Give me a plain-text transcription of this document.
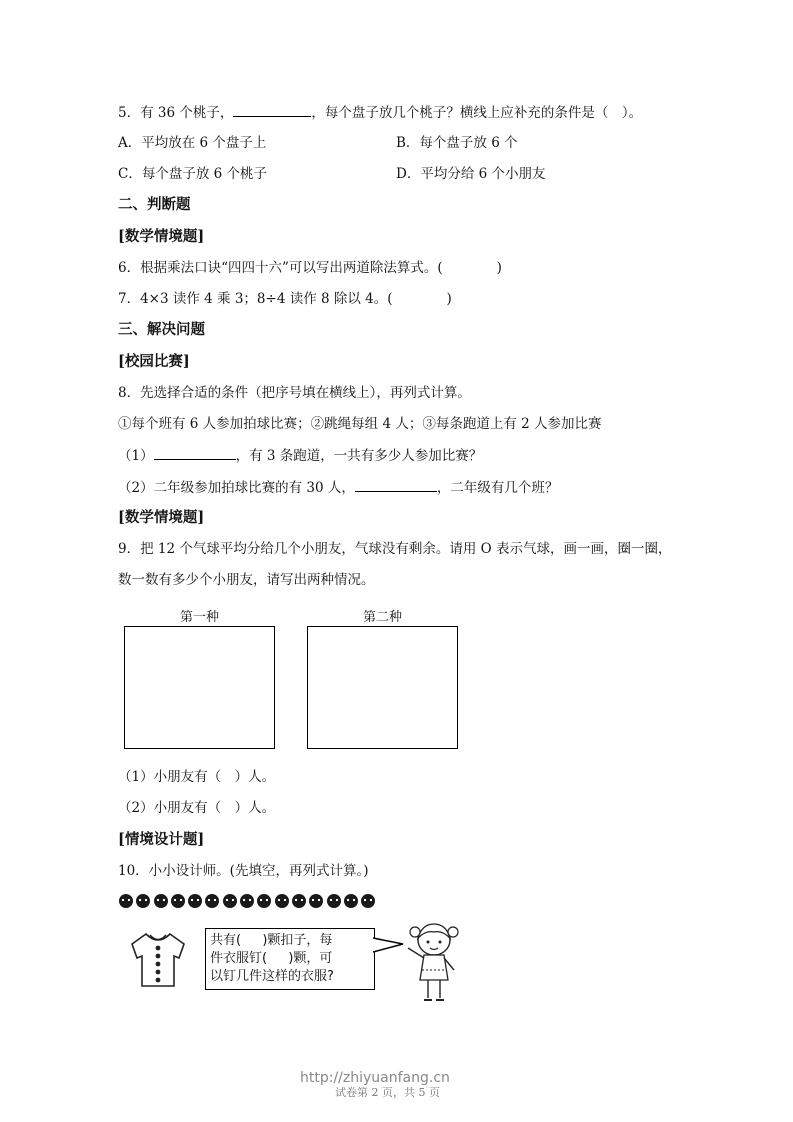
5．有 36 个桃子，	，每个盘子放几个桃子？横线上应补充的条件是（　）。
A．平均放在 6 个盘子上	B．每个盘子放 6 个
C．每个盘子放 6 个桃子	D．平均分给 6 个小朋友
二、判断题
[数学情境题]
6．根据乘法口诀“四四十六”可以写出两道除法算式。(　　　　)
7．4×3 读作 4 乘 3；8÷4 读作 8 除以 4。(　　　　)
三、解决问题
[校园比赛]
8．先选择合适的条件（把序号填在横线上），再列式计算。
①每个班有 6 人参加拍球比赛；②跳绳每组 4 人；③每条跑道上有 2 人参加比赛
（1）	，有 3 条跑道，一共有多少人参加比赛？
（2）二年级参加拍球比赛的有 30 人，	，二年级有几个班？
[数学情境题]
9．把 12 个气球平均分给几个小朋友，气球没有剩余。请用 O 表示气球，画一画，圈一圈，
数一数有多少个小朋友，请写出两种情况。
第一种	第二种
（1）小朋友有（　）人。
（2）小朋友有（　）人。
[情境设计题]
10．小小设计师。(先填空，再列式计算。)
共有(　  )颗扣子，每
件衣服钉(　  )颗，可
以钉几件这样的衣服?
http://zhiyuanfang.cn
试卷第 2 页，共 5 页
